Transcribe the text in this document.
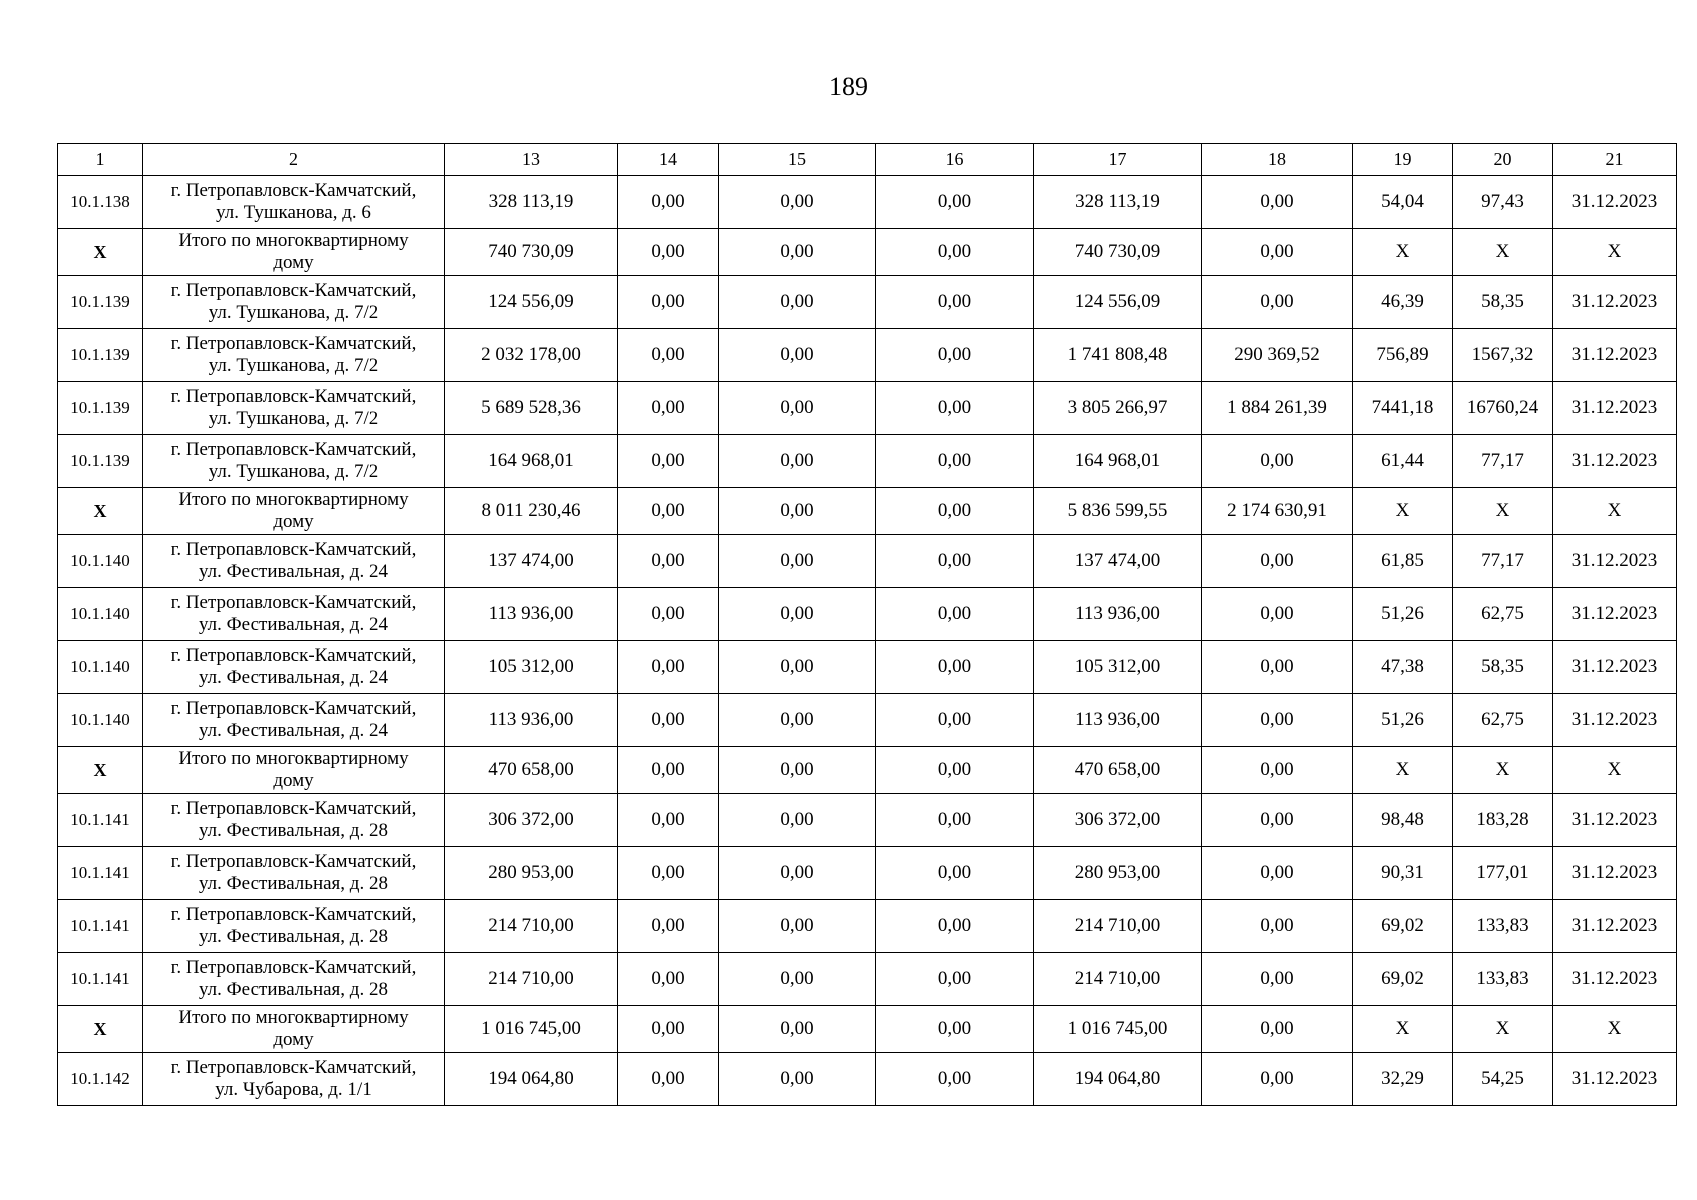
189
1	2	13	14	15	16	17	18	19	20	21
10.1.138	г. Петропавловск-Камчатский,
ул. Тушканова, д. 6	328 113,19	0,00	0,00	0,00	328 113,19	0,00	54,04	97,43	31.12.2023
Х	Итого по многоквартирному
дому	740 730,09	0,00	0,00	0,00	740 730,09	0,00	Х	Х	Х
10.1.139	г. Петропавловск-Камчатский,
ул. Тушканова, д. 7/2	124 556,09	0,00	0,00	0,00	124 556,09	0,00	46,39	58,35	31.12.2023
10.1.139	г. Петропавловск-Камчатский,
ул. Тушканова, д. 7/2	2 032 178,00	0,00	0,00	0,00	1 741 808,48	290 369,52	756,89	1567,32	31.12.2023
10.1.139	г. Петропавловск-Камчатский,
ул. Тушканова, д. 7/2	5 689 528,36	0,00	0,00	0,00	3 805 266,97	1 884 261,39	7441,18	16760,24	31.12.2023
10.1.139	г. Петропавловск-Камчатский,
ул. Тушканова, д. 7/2	164 968,01	0,00	0,00	0,00	164 968,01	0,00	61,44	77,17	31.12.2023
Х	Итого по многоквартирному
дому	8 011 230,46	0,00	0,00	0,00	5 836 599,55	2 174 630,91	Х	Х	Х
10.1.140	г. Петропавловск-Камчатский,
ул. Фестивальная, д. 24	137 474,00	0,00	0,00	0,00	137 474,00	0,00	61,85	77,17	31.12.2023
10.1.140	г. Петропавловск-Камчатский,
ул. Фестивальная, д. 24	113 936,00	0,00	0,00	0,00	113 936,00	0,00	51,26	62,75	31.12.2023
10.1.140	г. Петропавловск-Камчатский,
ул. Фестивальная, д. 24	105 312,00	0,00	0,00	0,00	105 312,00	0,00	47,38	58,35	31.12.2023
10.1.140	г. Петропавловск-Камчатский,
ул. Фестивальная, д. 24	113 936,00	0,00	0,00	0,00	113 936,00	0,00	51,26	62,75	31.12.2023
Х	Итого по многоквартирному
дому	470 658,00	0,00	0,00	0,00	470 658,00	0,00	Х	Х	Х
10.1.141	г. Петропавловск-Камчатский,
ул. Фестивальная, д. 28	306 372,00	0,00	0,00	0,00	306 372,00	0,00	98,48	183,28	31.12.2023
10.1.141	г. Петропавловск-Камчатский,
ул. Фестивальная, д. 28	280 953,00	0,00	0,00	0,00	280 953,00	0,00	90,31	177,01	31.12.2023
10.1.141	г. Петропавловск-Камчатский,
ул. Фестивальная, д. 28	214 710,00	0,00	0,00	0,00	214 710,00	0,00	69,02	133,83	31.12.2023
10.1.141	г. Петропавловск-Камчатский,
ул. Фестивальная, д. 28	214 710,00	0,00	0,00	0,00	214 710,00	0,00	69,02	133,83	31.12.2023
Х	Итого по многоквартирному
дому	1 016 745,00	0,00	0,00	0,00	1 016 745,00	0,00	Х	Х	Х
10.1.142	г. Петропавловск-Камчатский,
ул. Чубарова, д. 1/1	194 064,80	0,00	0,00	0,00	194 064,80	0,00	32,29	54,25	31.12.2023
